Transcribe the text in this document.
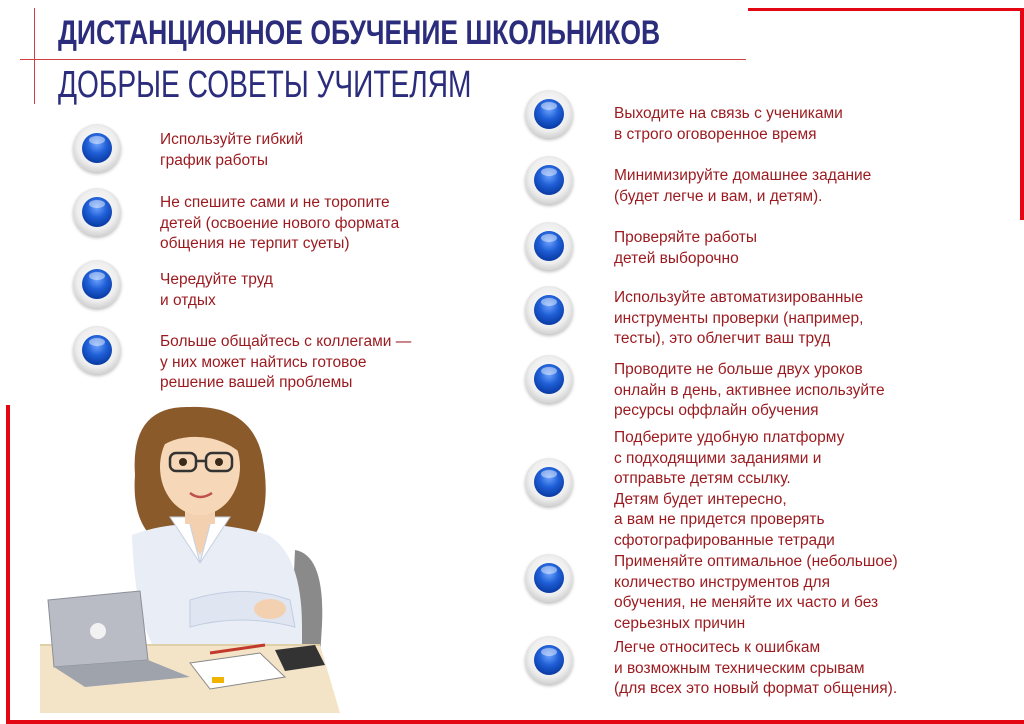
ДИСТАНЦИОННОЕ ОБУЧЕНИЕ ШКОЛЬНИКОВ
ДОБРЫЕ СОВЕТЫ УЧИТЕЛЯМ
Используйте гибкий
график работы
Не спешите сами и не торопите
детей (освоение нового формата
общения не терпит суеты)
Чередуйте труд
и отдых
Больше общайтесь с коллегами —
у них может найтись готовое
решение вашей проблемы
Выходите на связь с учениками
в строго оговоренное время
Минимизируйте домашнее задание
(будет легче и вам, и детям).
Проверяйте работы
детей выборочно
Используйте автоматизированные
инструменты проверки (например,
тесты), это облегчит ваш труд
Проводите не больше двух уроков
онлайн в день, активнее используйте
ресурсы оффлайн обучения
Подберите удобную платформу
с подходящими заданиями и
отправьте детям ссылку.
Детям будет интересно,
а вам не придется проверять
сфотографированные тетради
Применяйте оптимальное (небольшое)
количество инструментов для
обучения, не меняйте их часто и без
серьезных причин
Легче относитесь к ошибкам
и возможным техническим срывам
(для всех это новый формат общения).
